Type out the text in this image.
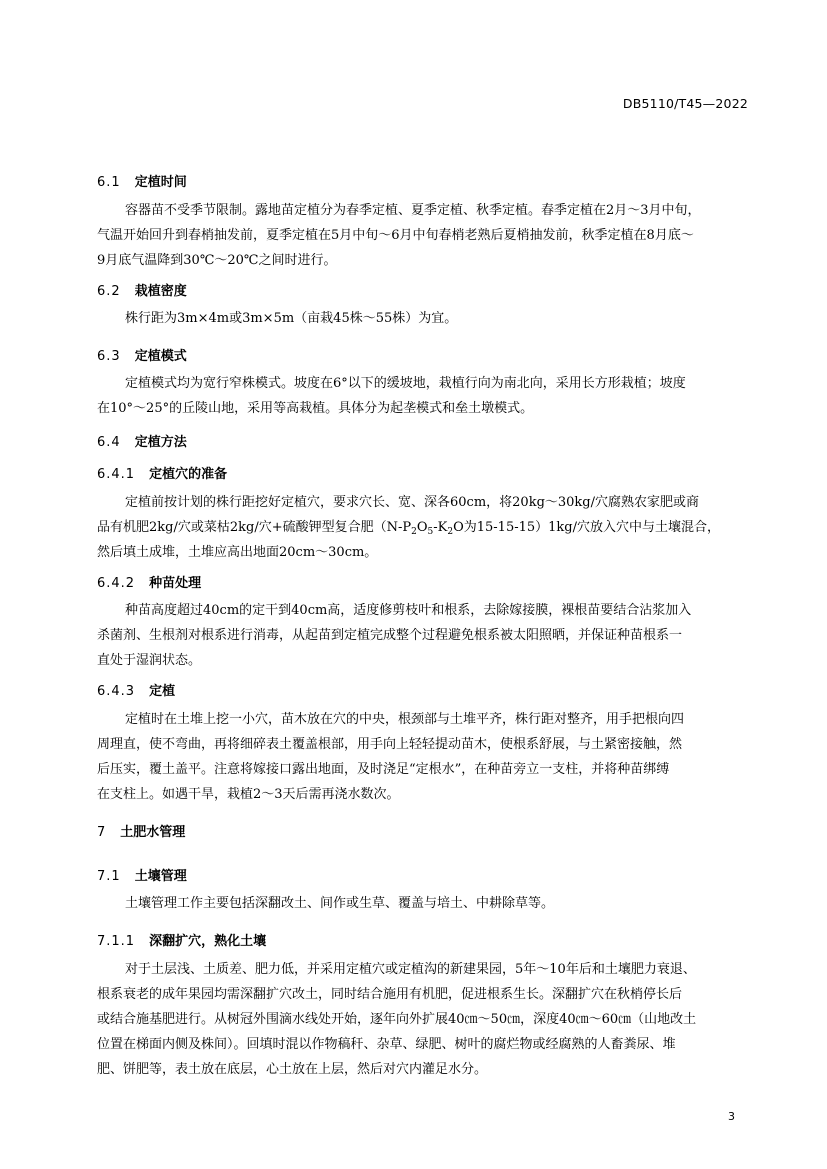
DB5110/T45—2022
6.1 定植时间
容器苗不受季节限制。露地苗定植分为春季定植、夏季定植、秋季定植。春季定植在2月～3月中旬，
气温开始回升到春梢抽发前，夏季定植在5月中旬～6月中旬春梢老熟后夏梢抽发前，秋季定植在8月底～
9月底气温降到30℃～20℃之间时进行。
6.2 栽植密度
株行距为3m×4m或3m×5m（亩栽45株～55株）为宜。
6.3 定植模式
定植模式均为宽行窄株模式。坡度在6°以下的缓坡地，栽植行向为南北向，采用长方形栽植；坡度
在10°～25°的丘陵山地，采用等高栽植。具体分为起垄模式和垒土墩模式。
6.4 定植方法
6.4.1 定植穴的准备
定植前按计划的株行距挖好定植穴，要求穴长、宽、深各60cm，将20kg～30kg/穴腐熟农家肥或商
品有机肥2kg/穴或菜枯2kg/穴+硫酸钾型复合肥（$N-P_2O_5-K_2O$为15-15-15）1kg/穴放入穴中与土壤混合，
然后填土成堆，土堆应高出地面20cm～30cm。
6.4.2 种苗处理
种苗高度超过40cm的定干到40cm高，适度修剪枝叶和根系，去除嫁接膜，裸根苗要结合沾浆加入
杀菌剂、生根剂对根系进行消毒，从起苗到定植完成整个过程避免根系被太阳照晒，并保证种苗根系一
直处于湿润状态。
6.4.3 定植
定植时在土堆上挖一小穴，苗木放在穴的中央，根颈部与土堆平齐，株行距对整齐，用手把根向四
周理直，使不弯曲，再将细碎表土覆盖根部，用手向上轻轻提动苗木，使根系舒展，与土紧密接触，然
后压实，覆土盖平。注意将嫁接口露出地面，及时浇足“定根水”，在种苗旁立一支柱，并将种苗绑缚
在支柱上。如遇干旱，栽植2～3天后需再浇水数次。
7 土肥水管理
7.1 土壤管理
土壤管理工作主要包括深翻改土、间作或生草、覆盖与培土、中耕除草等。
7.1.1 深翻扩穴，熟化土壤
对于土层浅、土质差、肥力低，并采用定植穴或定植沟的新建果园，5年～10年后和土壤肥力衰退、
根系衰老的成年果园均需深翻扩穴改土，同时结合施用有机肥，促进根系生长。深翻扩穴在秋梢停长后
或结合施基肥进行。从树冠外围滴水线处开始，逐年向外扩展40㎝～50㎝，深度40㎝～60㎝（山地改土
位置在梯面内侧及株间）。回填时混以作物稿秆、杂草、绿肥、树叶的腐烂物或经腐熟的人畜粪尿、堆
肥、饼肥等，表土放在底层，心土放在上层，然后对穴内灌足水分。
3
